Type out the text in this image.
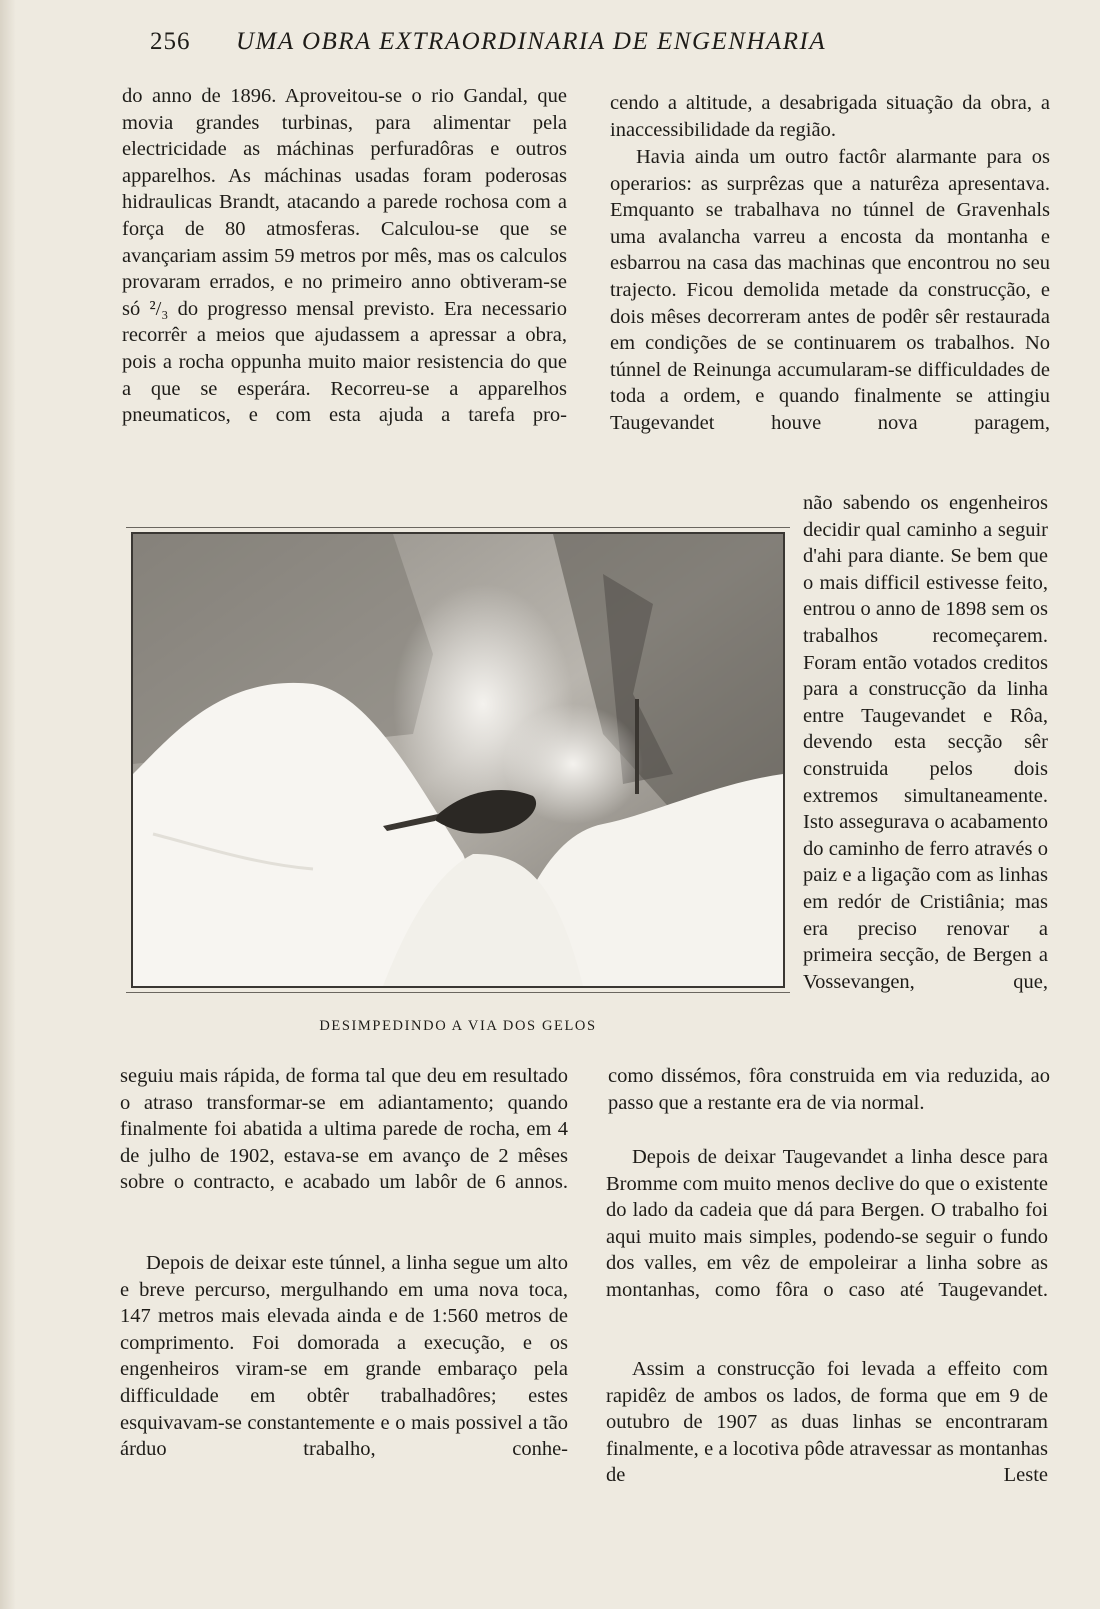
256 UMA OBRA EXTRAORDINARIA DE ENGENHARIA

do anno de 1896. Aproveitou-se o rio Gandal, que movia grandes turbinas, para alimentar pela electricidade as máchinas perfuradôras e outros apparelhos. As máchinas usadas foram poderosas hidraulicas Brandt, atacando a parede rochosa com a força de 80 atmosferas. Calculou-se que se avançariam assim 59 metros por mês, mas os calculos provaram errados, e no primeiro anno obtiveram-se só ²/₃ do progresso mensal previsto. Era necessario recorrêr a meios que ajudassem a apressar a obra, pois a rocha oppunha muito maior resistencia do que a que se esperára. Recorreu-se a apparelhos pneumaticos, e com esta ajuda a tarefa pro-

seguiu mais rápida, de forma tal que deu em resultado o atraso transformar-se em adiantamento; quando finalmente foi abatida a ultima parede de rocha, em 4 de julho de 1902, estava-se em avanço de 2 mêses sobre o contracto, e acabado um labôr de 6 annos.

Depois de deixar este túnnel, a linha segue um alto e breve percurso, mergulhando em uma nova toca, 147 metros mais elevada ainda e de 1:560 metros de comprimento. Foi domorada a execução, e os engenheiros viram-se em grande embaraço pela difficuldade em obtêr trabalhadôres; estes esquivavam-se constantemente e o mais possivel a tão árduo trabalho, conhe-

cendo a altitude, a desabrigada situação da obra, a inaccessibilidade da região.

Havia ainda um outro factôr alarmante para os operarios: as surprêzas que a naturêza apresentava. Emquanto se trabalhava no túnnel de Gravenhals uma avalancha varreu a encosta da montanha e esbarrou na casa das machinas que encontrou no seu trajecto. Ficou demolida metade da construcção, e dois mêses decorreram antes de podêr sêr restaurada em condições de se continuarem os trabalhos. No túnnel de Reinunga accumularam-se difficuldades de toda a ordem, e quando finalmente se attingiu Taugevandet houve nova paragem,

não sabendo os engenheiros decidir qual caminho a seguir d'ahi para diante. Se bem que o mais difficil estivesse feito, entrou o anno de 1898 sem os trabalhos recomeçarem. Foram então votados creditos para a construcção da linha entre Taugevandet e Rôa, devendo esta secção sêr construida pelos dois extremos simultaneamente. Isto assegurava o acabamento do caminho de ferro através o paiz e a ligação com as linhas em redór de Cristiânia; mas era preciso renovar a primeira secção, de Bergen a Vossevangen, que,

como dissémos, fôra construida em via reduzida, ao passo que a restante era de via normal.

Depois de deixar Taugevandet a linha desce para Bromme com muito menos declive do que o existente do lado da cadeia que dá para Bergen. O trabalho foi aqui muito mais simples, podendo-se seguir o fundo dos valles, em vêz de empoleirar a linha sobre as montanhas, como fôra o caso até Taugevandet.

Assim a construcção foi levada a effeito com rapidêz de ambos os lados, de forma que em 9 de outubro de 1907 as duas linhas se encontraram finalmente, e a locotiva pôde atravessar as montanhas de Leste

DESIMPEDINDO A VIA DOS GELOS
